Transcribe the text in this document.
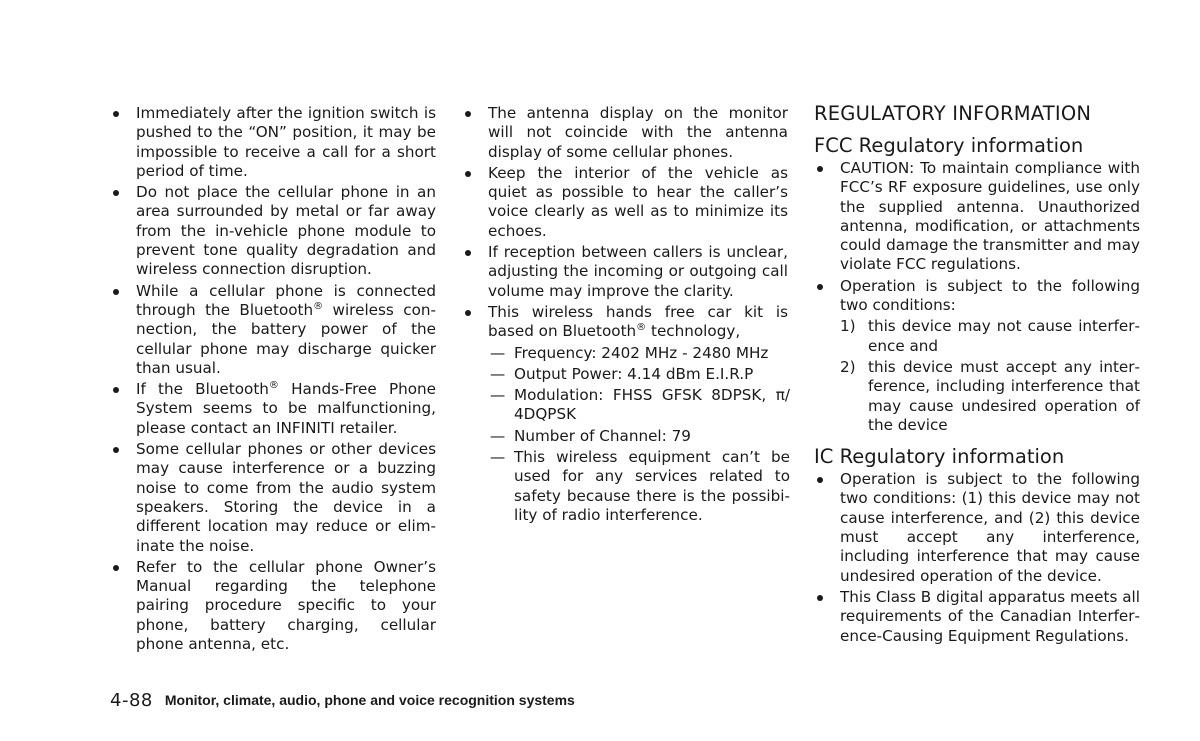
Immediately after the ignition switch is pushed to the “ON” position, it may be impossible to receive a call for a short period of time.
Do not place the cellular phone in an area surrounded by metal or far away from the in-vehicle phone module to prevent tone quality degradation and wireless connection disruption.
While a cellular phone is connected through the Bluetooth® wireless connection, the battery power of the cellular phone may discharge quicker than usual.
If the Bluetooth® Hands-Free Phone System seems to be malfunctioning, please contact an INFINITI retailer.
Some cellular phones or other devices may cause interference or a buzzing noise to come from the audio system speakers. Storing the device in a different location may reduce or eliminate the noise.
Refer to the cellular phone Owner’s Manual regarding the telephone pairing procedure specific to your phone, battery charging, cellular phone antenna, etc.
The antenna display on the monitor will not coincide with the antenna display of some cellular phones.
Keep the interior of the vehicle as quiet as possible to hear the caller’s voice clearly as well as to minimize its echoes.
If reception between callers is unclear, adjusting the incoming or outgoing call volume may improve the clarity.
This wireless hands free car kit is based on Bluetooth® technology,
— Frequency: 2402 MHz - 2480 MHz
— Output Power: 4.14 dBm E.I.R.P
— Modulation: FHSS GFSK 8DPSK, π/ 4DQPSK
— Number of Channel: 79
— This wireless equipment can’t be used for any services related to safety because there is the possibility of radio interference.
REGULATORY INFORMATION
FCC Regulatory information
CAUTION: To maintain compliance with FCC’s RF exposure guidelines, use only the supplied antenna. Unauthorized antenna, modification, or attachments could damage the transmitter and may violate FCC regulations.
Operation is subject to the following two conditions:
1) this device may not cause interference and
2) this device must accept any interference, including interference that may cause undesired operation of the device
IC Regulatory information
Operation is subject to the following two conditions: (1) this device may not cause interference, and (2) this device must accept any interference, including interference that may cause undesired operation of the device.
This Class B digital apparatus meets all requirements of the Canadian Interference-Causing Equipment Regulations.
4-88 Monitor, climate, audio, phone and voice recognition systems
